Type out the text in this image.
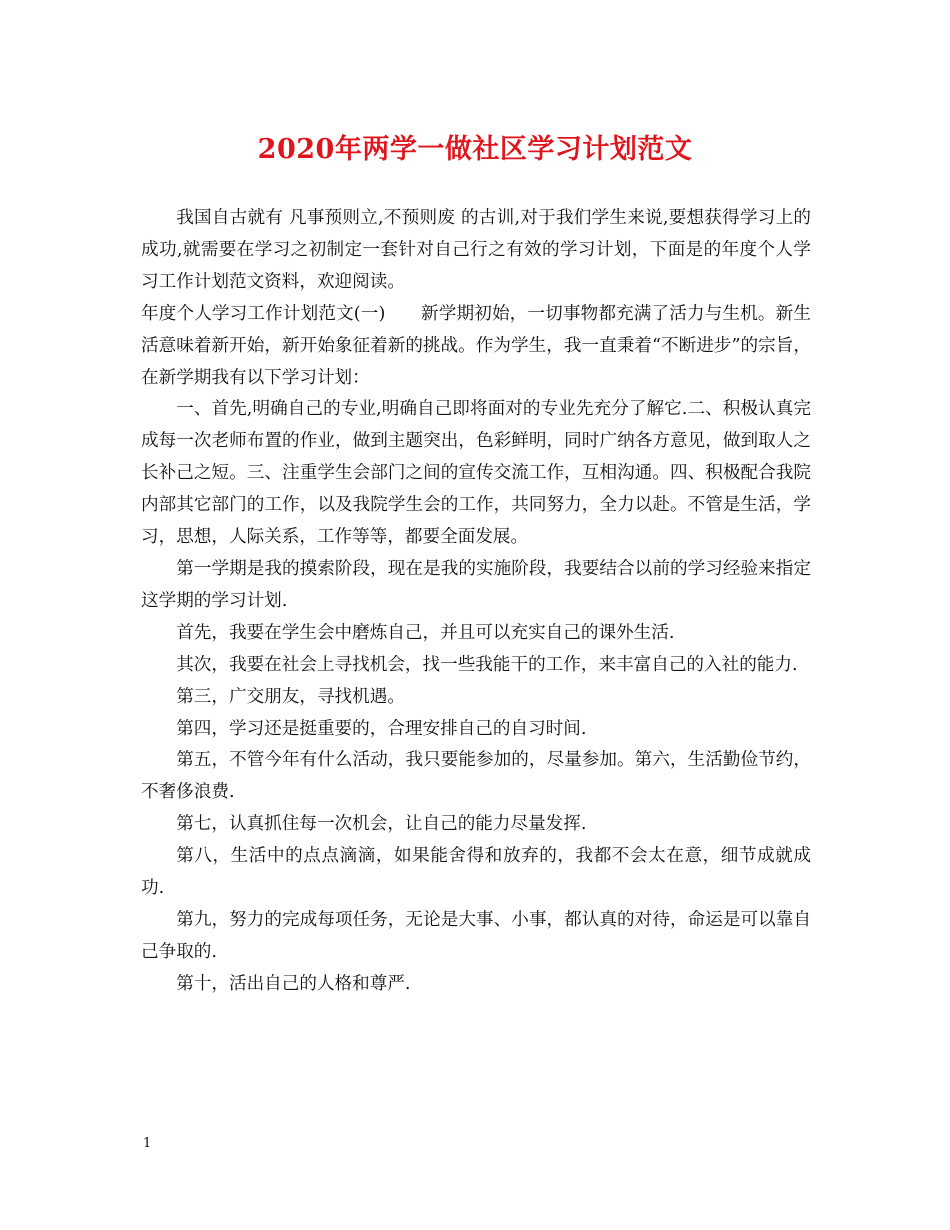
2020年两学一做社区学习计划范文

我国自古就有 凡事预则立,不预则废 的古训,对于我们学生来说,要想获得学习上的成功,就需要在学习之初制定一套针对自己行之有效的学习计划，下面是的年度个人学习工作计划范文资料，欢迎阅读。

年度个人学习工作计划范文(一)　　新学期初始，一切事物都充满了活力与生机。新生活意味着新开始，新开始象征着新的挑战。作为学生，我一直秉着“不断进步”的宗旨，在新学期我有以下学习计划：

一、首先,明确自己的专业,明确自己即将面对的专业先充分了解它.二、积极认真完成每一次老师布置的作业，做到主题突出，色彩鲜明，同时广纳各方意见，做到取人之长补己之短。三、注重学生会部门之间的宣传交流工作，互相沟通。四、积极配合我院内部其它部门的工作，以及我院学生会的工作，共同努力，全力以赴。不管是生活，学习，思想，人际关系，工作等等，都要全面发展。

第一学期是我的摸索阶段，现在是我的实施阶段，我要结合以前的学习经验来指定这学期的学习计划.

首先，我要在学生会中磨炼自己，并且可以充实自己的课外生活.

其次，我要在社会上寻找机会，找一些我能干的工作，来丰富自己的入社的能力.

第三，广交朋友，寻找机遇。

第四，学习还是挺重要的，合理安排自己的自习时间.

第五，不管今年有什么活动，我只要能参加的，尽量参加。第六，生活勤俭节约，不奢侈浪费.

第七，认真抓住每一次机会，让自己的能力尽量发挥.

第八，生活中的点点滴滴，如果能舍得和放弃的，我都不会太在意，细节成就成功.

第九，努力的完成每项任务，无论是大事、小事，都认真的对待，命运是可以靠自己争取的.

第十，活出自己的人格和尊严.

1
